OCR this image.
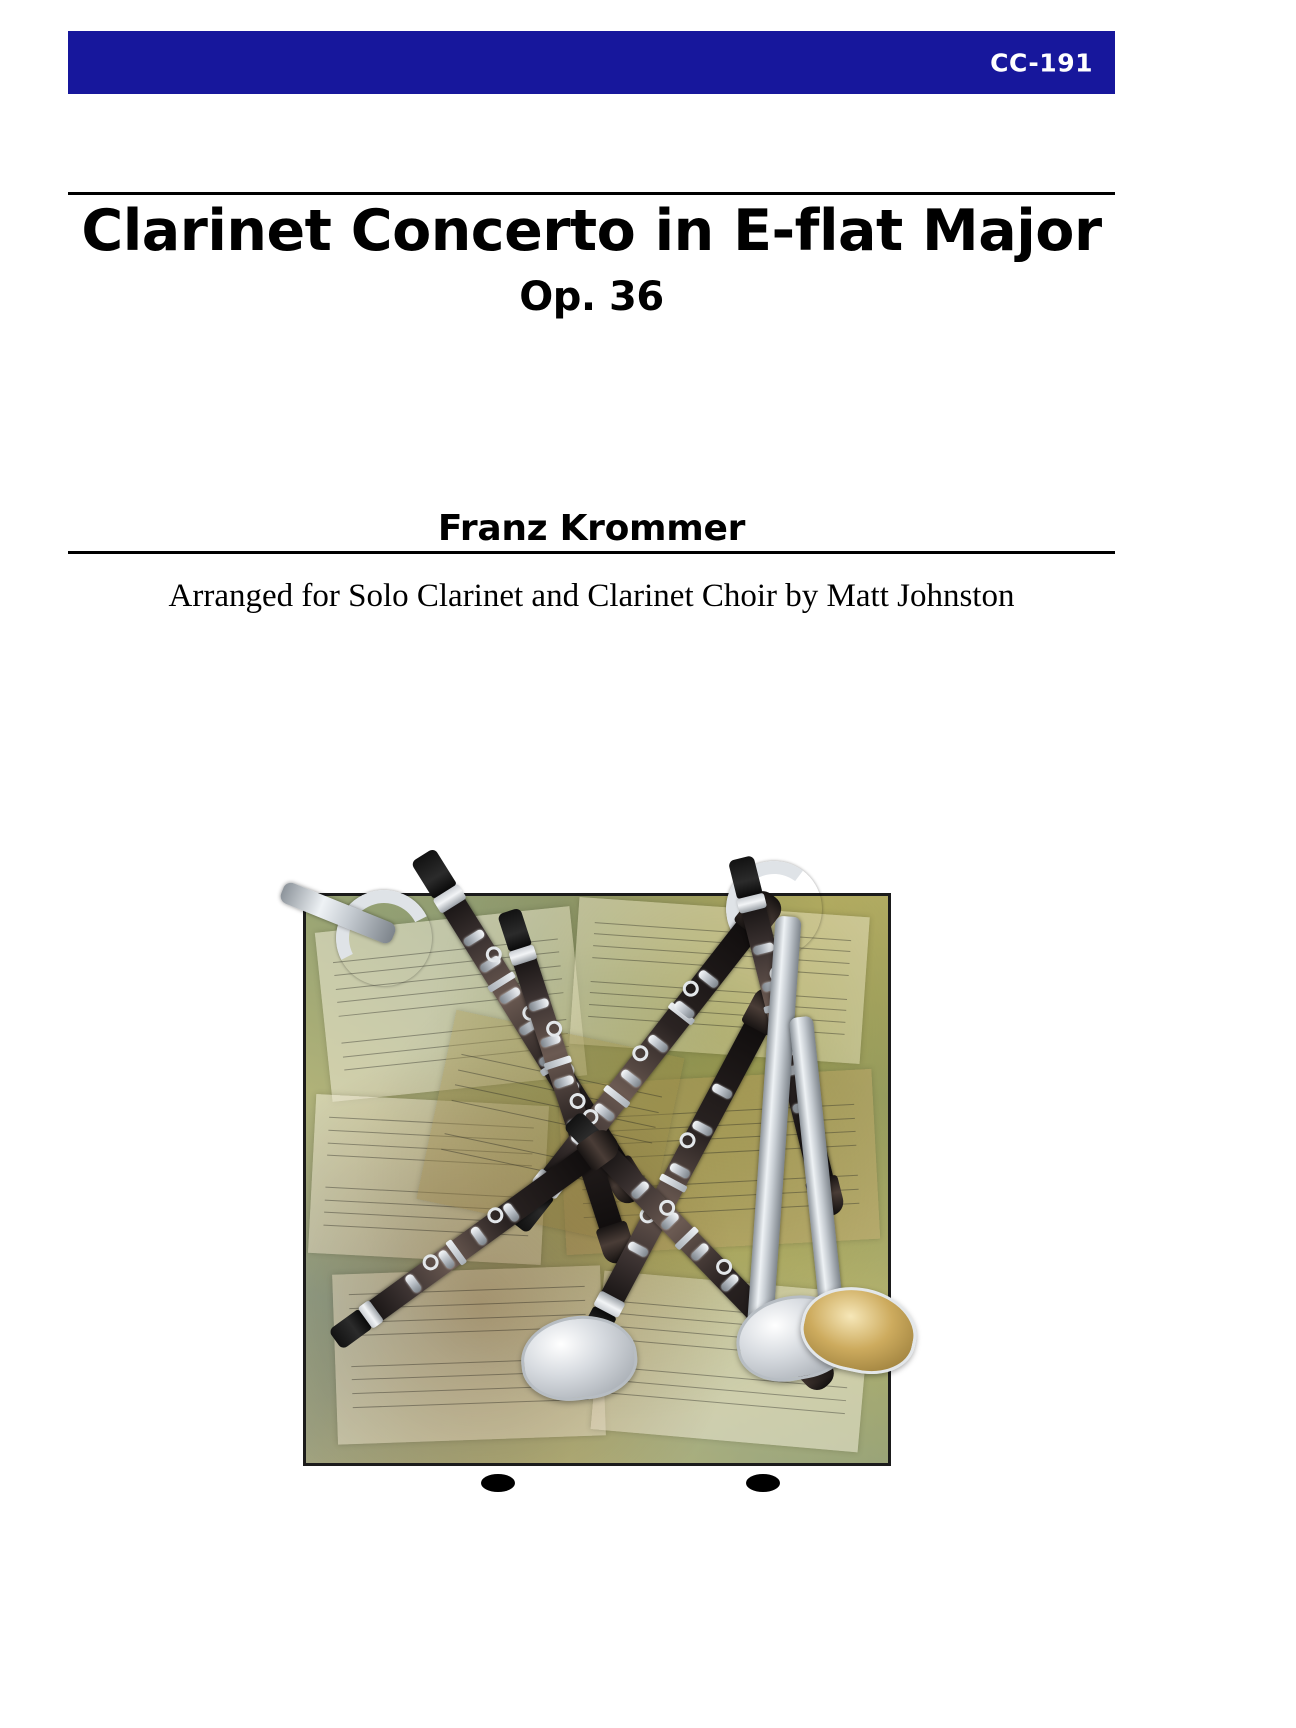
CC-191
Clarinet Concerto in E-flat Major
Op. 36
Franz Krommer
Arranged for Solo Clarinet and Clarinet Choir by Matt Johnston
